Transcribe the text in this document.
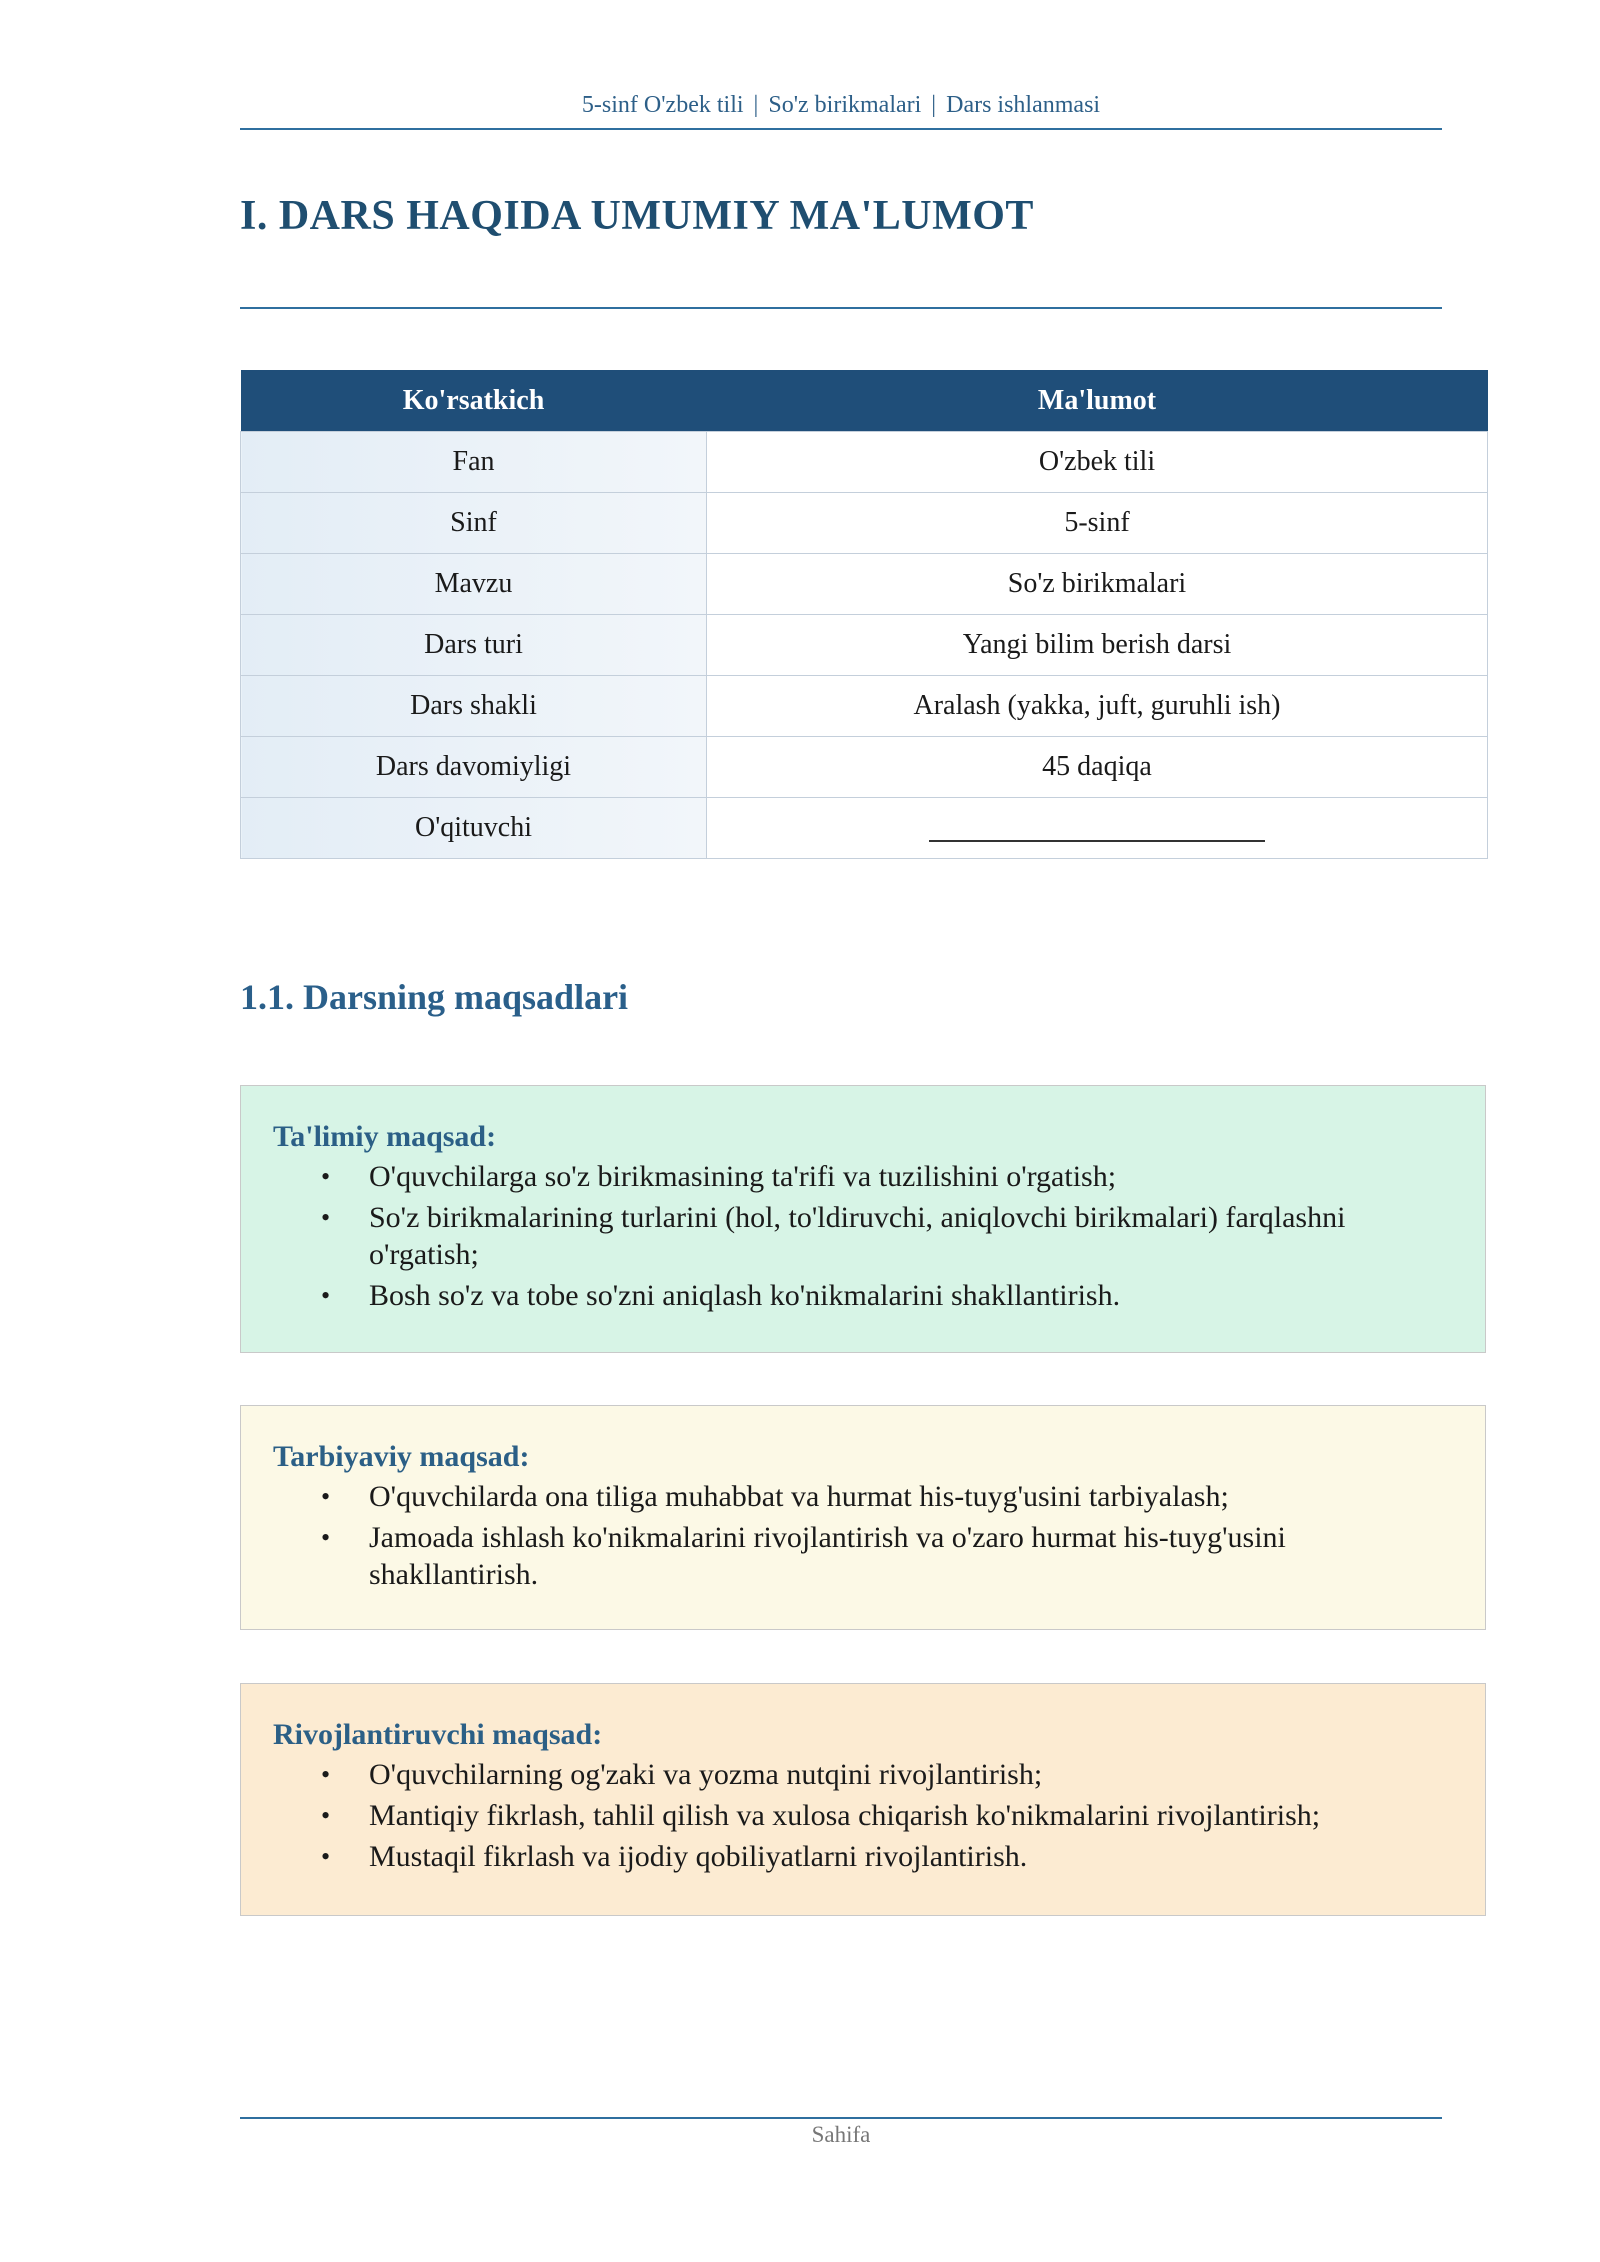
5-sinf O'zbek tili | So'z birikmalari | Dars ishlanmasi
I. DARS HAQIDA UMUMIY MA'LUMOT
Ko'rsatkich	Ma'lumot
Fan	O'zbek tili
Sinf	5-sinf
Mavzu	So'z birikmalari
Dars turi	Yangi bilim berish darsi
Dars shakli	Aralash (yakka, juft, guruhli ish)
Dars davomiyligi	45 daqiqa
O'qituvchi	
1.1. Darsning maqsadlari
Ta'limiy maqsad:
• O'quvchilarga so'z birikmasining ta'rifi va tuzilishini o'rgatish;
• So'z birikmalarining turlarini (hol, to'ldiruvchi, aniqlovchi birikmalari) farqlashni o'rgatish;
• Bosh so'z va tobe so'zni aniqlash ko'nikmalarini shakllantirish.
Tarbiyaviy maqsad:
• O'quvchilarda ona tiliga muhabbat va hurmat his-tuyg'usini tarbiyalash;
• Jamoada ishlash ko'nikmalarini rivojlantirish va o'zaro hurmat his-tuyg'usini shakllantirish.
Rivojlantiruvchi maqsad:
• O'quvchilarning og'zaki va yozma nutqini rivojlantirish;
• Mantiqiy fikrlash, tahlil qilish va xulosa chiqarish ko'nikmalarini rivojlantirish;
• Mustaqil fikrlash va ijodiy qobiliyatlarni rivojlantirish.
Sahifa
